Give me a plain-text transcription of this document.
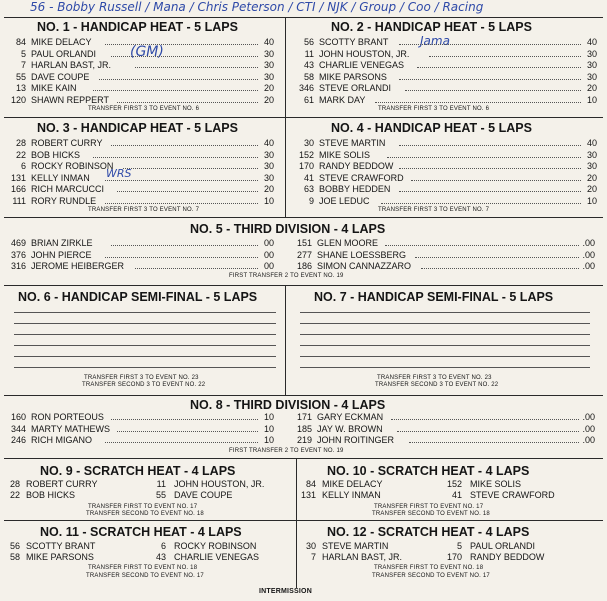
56 - Bobby Russell / Mana / Chris Peterson / CTI / NJK / Group / Coo / Racing
(GM)
Jama
WRS
NO. 1 - HANDICAP HEAT - 5 LAPS
84 MIKE DELACY	40
5 PAUL ORLANDI	30
7 HARLAN BAST, JR.	30
55 DAVE COUPE	30
13 MIKE KAIN	20
120 SHAWN REPPERT	20
TRANSFER FIRST 3 TO EVENT NO. 6
NO. 2 - HANDICAP HEAT - 5 LAPS
56 SCOTTY BRANT	40
11 JOHN HOUSTON, JR.	30
43 CHARLIE VENEGAS	30
58 MIKE PARSONS	30
346 STEVE ORLANDI	20
61 MARK DAY	10
TRANSFER FIRST 3 TO EVENT NO. 6
NO. 3 - HANDICAP HEAT - 5 LAPS
28 ROBERT CURRY	40
22 BOB HICKS	30
6 ROCKY ROBINSON	30
131 KELLY INMAN	30
166 RICH MARCUCCI	20
111 RORY RUNDLE	10
TRANSFER FIRST 3 TO EVENT NO. 7
NO. 4 - HANDICAP HEAT - 5 LAPS
30 STEVE MARTIN	40
152 MIKE SOLIS	30
170 RANDY BEDDOW	30
41 STEVE CRAWFORD	20
63 BOBBY HEDDEN	20
9 JOE LEDUC	10
TRANSFER FIRST 3 TO EVENT NO. 7
NO. 5 - THIRD DIVISION - 4 LAPS
469 BRIAN ZIRKLE	00
376 JOHN PIERCE	00
316 JEROME HEIBERGER	00
151 GLEN MOORE	.00
277 SHANE LOESSBERG	.00
186 SIMON CANNAZZARO	.00
FIRST TRANSFER 2 TO EVENT NO. 19
NO. 6 - HANDICAP SEMI-FINAL - 5 LAPS
TRANSFER FIRST 3 TO EVENT NO. 23
TRANSFER SECOND 3 TO EVENT NO. 22
NO. 7 - HANDICAP SEMI-FINAL - 5 LAPS
TRANSFER FIRST 3 TO EVENT NO. 23
TRANSFER SECOND 3 TO EVENT NO. 22
NO. 8 - THIRD DIVISION - 4 LAPS
160 RON PORTEOUS	10
344 MARTY MATHEWS	10
246 RICH MIGANO	10
171 GARY ECKMAN	.00
185 JAY W. BROWN	.00
219 JOHN ROITINGER	.00
FIRST TRANSFER 2 TO EVENT NO. 19
NO. 9 - SCRATCH HEAT - 4 LAPS
28 ROBERT CURRY	11 JOHN HOUSTON, JR.
22 BOB HICKS	55 DAVE COUPE
TRANSFER FIRST TO EVENT NO. 17
TRANSFER SECOND TO EVENT NO. 18
NO. 10 - SCRATCH HEAT - 4 LAPS
84 MIKE DELACY	152 MIKE SOLIS
131 KELLY INMAN	41 STEVE CRAWFORD
TRANSFER FIRST TO EVENT NO. 17
TRANSFER SECOND TO EVENT NO. 18
NO. 11 - SCRATCH HEAT - 4 LAPS
56 SCOTTY BRANT	6 ROCKY ROBINSON
58 MIKE PARSONS	43 CHARLIE VENEGAS
TRANSFER FIRST TO EVENT NO. 18
TRANSFER SECOND TO EVENT NO. 17
NO. 12 - SCRATCH HEAT - 4 LAPS
30 STEVE MARTIN	5 PAUL ORLANDI
7 HARLAN BAST, JR.	170 RANDY BEDDOW
TRANSFER FIRST TO EVENT NO. 18
TRANSFER SECOND TO EVENT NO. 17
INTERMISSION
